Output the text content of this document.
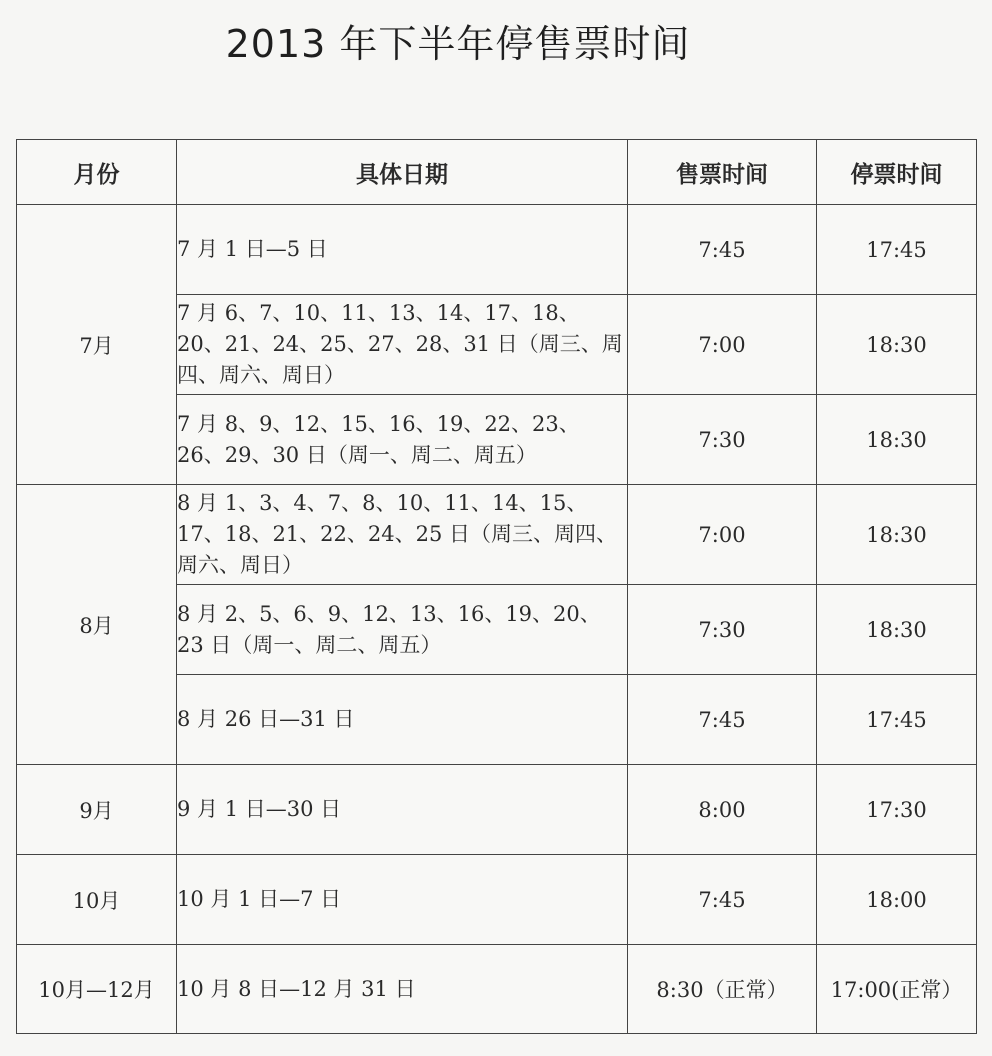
2013 年下半年停售票时间
月份	具体日期	售票时间	停票时间
7月	7 月 1 日—5 日	7:45	17:45
	7 月 6、7、10、11、13、14、17、18、20、21、24、25、27、28、31 日（周三、周四、周六、周日）	7:00	18:30
	7 月 8、9、12、15、16、19、22、23、26、29、30 日（周一、周二、周五）	7:30	18:30
8月	8 月 1、3、4、7、8、10、11、14、15、17、18、21、22、24、25 日（周三、周四、周六、周日）	7:00	18:30
	8 月 2、5、6、9、12、13、16、19、20、23 日（周一、周二、周五）	7:30	18:30
	8 月 26 日—31 日	7:45	17:45
9月	9 月 1 日—30 日	8:00	17:30
10月	10 月 1 日—7 日	7:45	18:00
10月—12月	10 月 8 日—12 月 31 日	8:30（正常）	17:00(正常）
